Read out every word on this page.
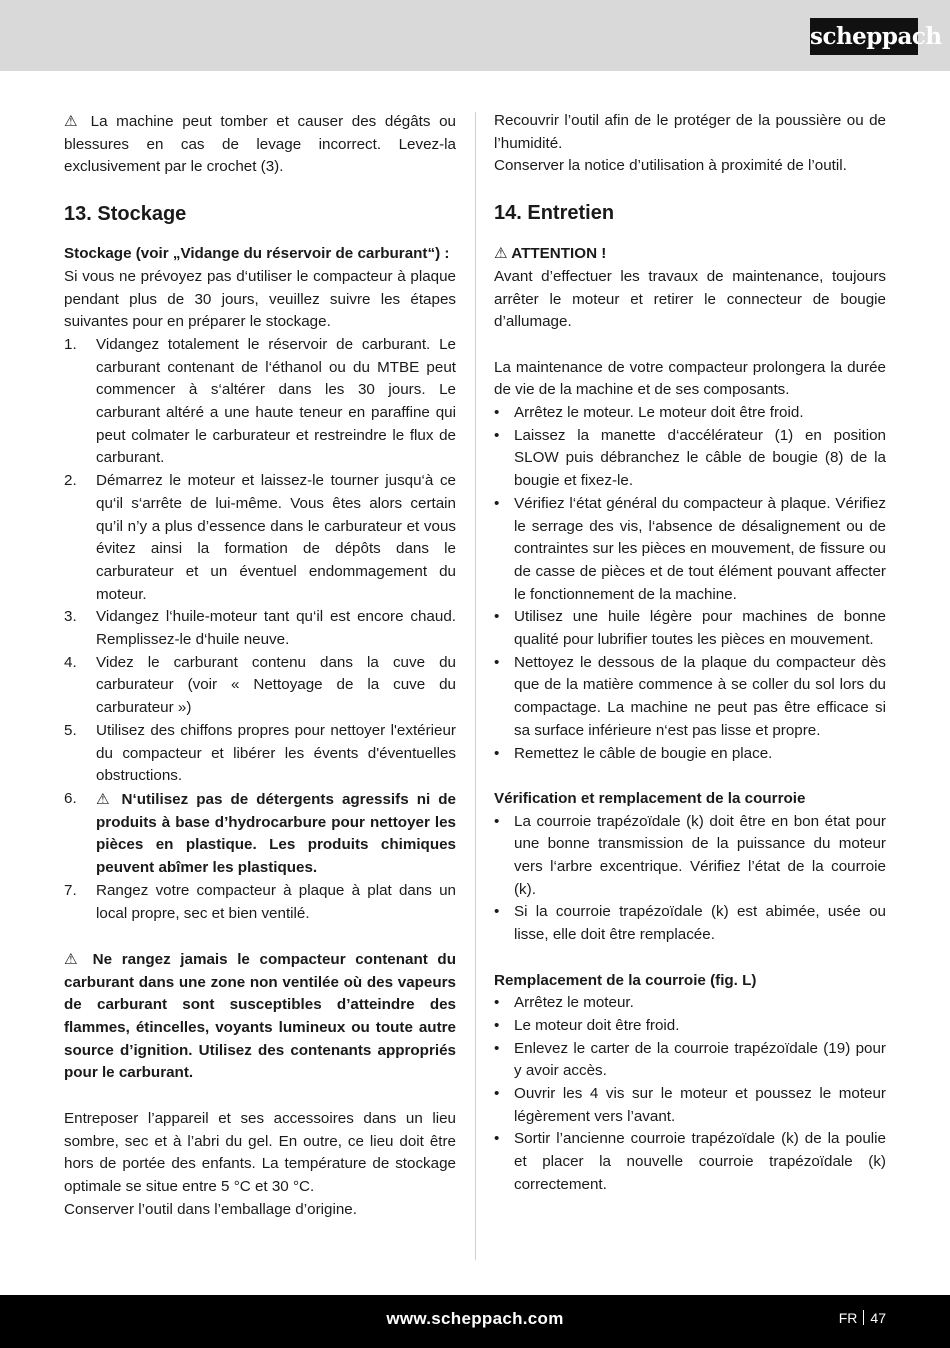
scheppach

⚠ La machine peut tomber et causer des dégâts ou blessures en cas de levage incorrect. Levez-la exclusivement par le crochet (3).

13. Stockage

Stockage (voir „Vidange du réservoir de carburant“) :

Si vous ne prévoyez pas d‘utiliser le compacteur à plaque pendant plus de 30 jours, veuillez suivre les étapes suivantes pour en préparer le stockage.

1. Vidangez totalement le réservoir de carburant. Le carburant contenant de l‘éthanol ou du MTBE peut commencer à s‘altérer dans les 30 jours. Le carburant altéré a une haute teneur en paraffine qui peut colmater le carburateur et restreindre le flux de carburant.
2. Démarrez le moteur et laissez-le tourner jusqu‘à ce qu‘il s‘arrête de lui-même. Vous êtes alors certain qu’il n’y a plus d’essence dans le carburateur et vous évitez ainsi la formation de dépôts dans le carburateur et un éventuel endommagement du moteur.
3. Vidangez l‘huile-moteur tant qu‘il est encore chaud. Remplissez-le d‘huile neuve.
4. Videz le carburant contenu dans la cuve du carburateur (voir « Nettoyage de la cuve du carburateur »)
5. Utilisez des chiffons propres pour nettoyer l'extérieur du compacteur et libérer les évents d'éventuelles obstructions.
6. ⚠ N‘utilisez pas de détergents agressifs ni de produits à base d’hydrocarbure pour nettoyer les pièces en plastique. Les produits chimiques peuvent abîmer les plastiques.
7. Rangez votre compacteur à plaque à plat dans un local propre, sec et bien ventilé.

⚠ Ne rangez jamais le compacteur contenant du carburant dans une zone non ventilée où des vapeurs de carburant sont susceptibles d’atteindre des flammes, étincelles, voyants lumineux ou toute autre source d’ignition. Utilisez des contenants appropriés pour le carburant.

Entreposer l’appareil et ses accessoires dans un lieu sombre, sec et à l’abri du gel. En outre, ce lieu doit être hors de portée des enfants. La température de stockage optimale se situe entre 5 °C et 30 °C.

Conserver l’outil dans l’emballage d’origine.

Recouvrir l’outil afin de le protéger de la poussière ou de l’humidité.

Conserver la notice d’utilisation à proximité de l’outil.

14. Entretien

⚠ ATTENTION !

Avant d’effectuer les travaux de maintenance, toujours arrêter le moteur et retirer le connecteur de bougie d’allumage.

La maintenance de votre compacteur prolongera la durée de vie de la machine et de ses composants.

• Arrêtez le moteur. Le moteur doit être froid.
• Laissez la manette d‘accélérateur (1) en position SLOW puis débranchez le câble de bougie (8) de la bougie et fixez-le.
• Vérifiez l‘état général du compacteur à plaque. Vérifiez le serrage des vis, l‘absence de désalignement ou de contraintes sur les pièces en mouvement, de fissure ou de casse de pièces et de tout élément pouvant affecter le fonctionnement de la machine.
• Utilisez une huile légère pour machines de bonne qualité pour lubrifier toutes les pièces en mouvement.
• Nettoyez le dessous de la plaque du compacteur dès que de la matière commence à se coller du sol lors du compactage. La machine ne peut pas être efficace si sa surface inférieure n‘est pas lisse et propre.
• Remettez le câble de bougie en place.

Vérification et remplacement de la courroie

• La courroie trapézoïdale (k) doit être en bon état pour une bonne transmission de la puissance du moteur vers l‘arbre excentrique. Vérifiez l’état de la courroie (k).
• Si la courroie trapézoïdale (k) est abimée, usée ou lisse, elle doit être remplacée.

Remplacement de la courroie (fig. L)

• Arrêtez le moteur.
• Le moteur doit être froid.
• Enlevez le carter de la courroie trapézoïdale (19) pour y avoir accès.
• Ouvrir les 4 vis sur le moteur et poussez le moteur légèrement vers l’avant.
• Sortir l’ancienne courroie trapézoïdale (k) de la poulie et placer la nouvelle courroie trapézoïdale (k) correctement.
www.scheppach.com	FR 47
